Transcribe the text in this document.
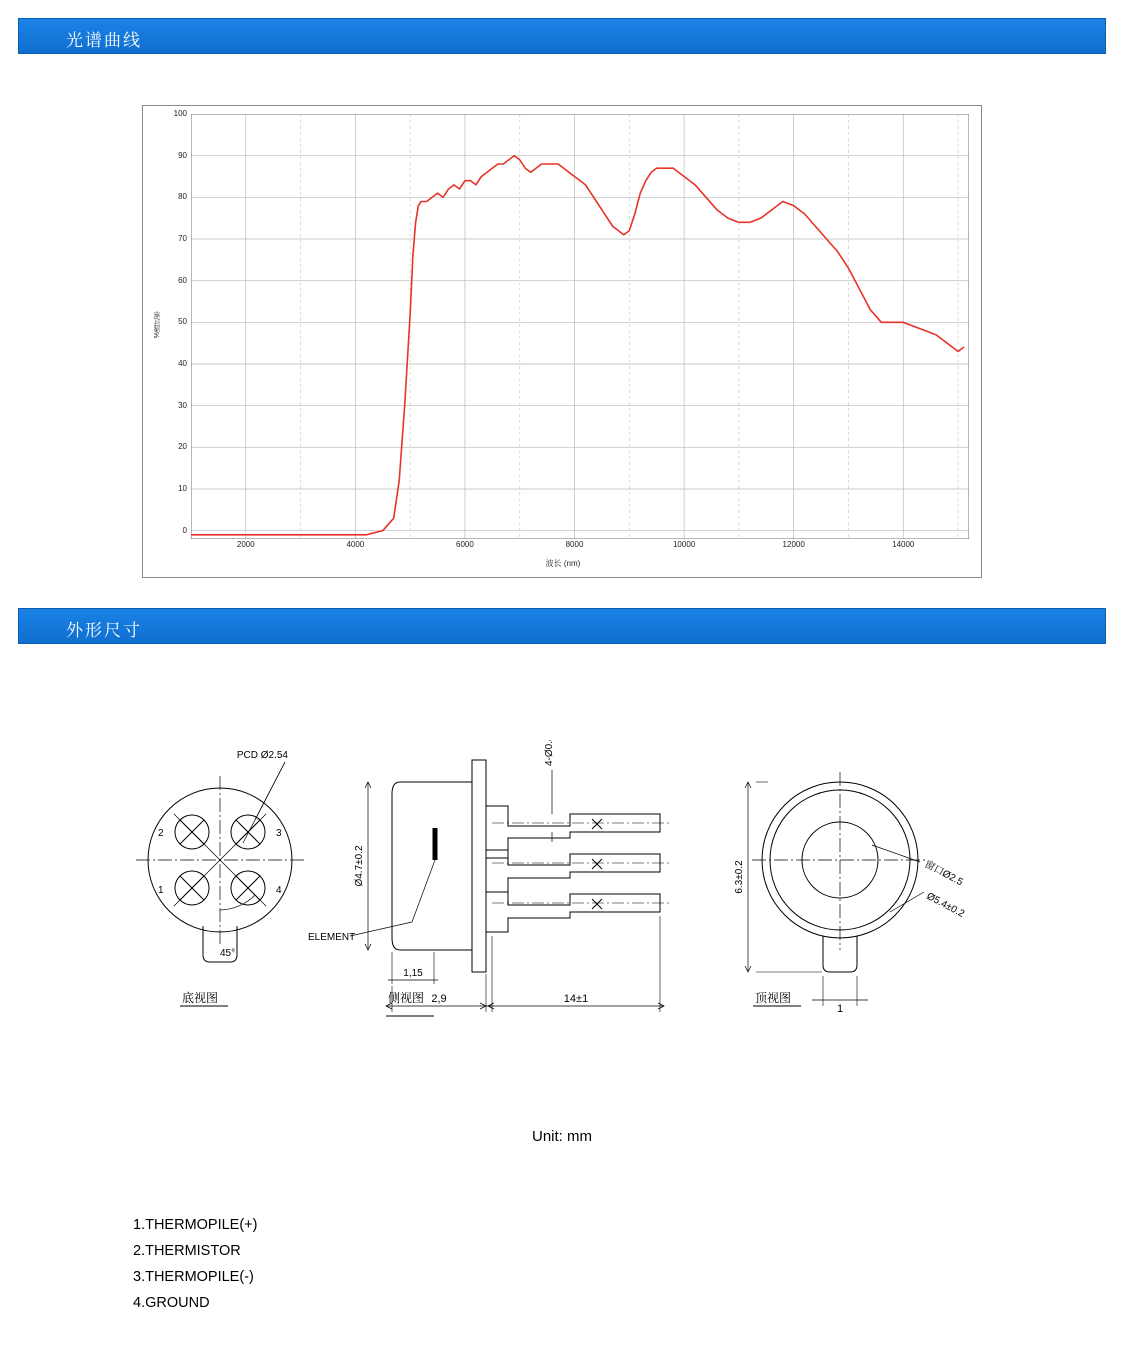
光谱曲线
%透过率
波长 (nm)
0
10
20
30
40
50
60
70
80
90
100
2000	4000	6000	8000	10000	12000	14000
外形尺寸
PCD Ø2.54
2	3
1	4
45°
底视图
ELEMENT
4-Ø0.45
Ø4.7±0.2
1,15
2,9	14±1
侧视图
窗口Ø2.5
Ø5.4±0.2
6.3±0.2
1
顶视图
Unit: mm
1.THERMOPILE(+)
2.THERMISTOR
3.THERMOPILE(-)
4.GROUND
